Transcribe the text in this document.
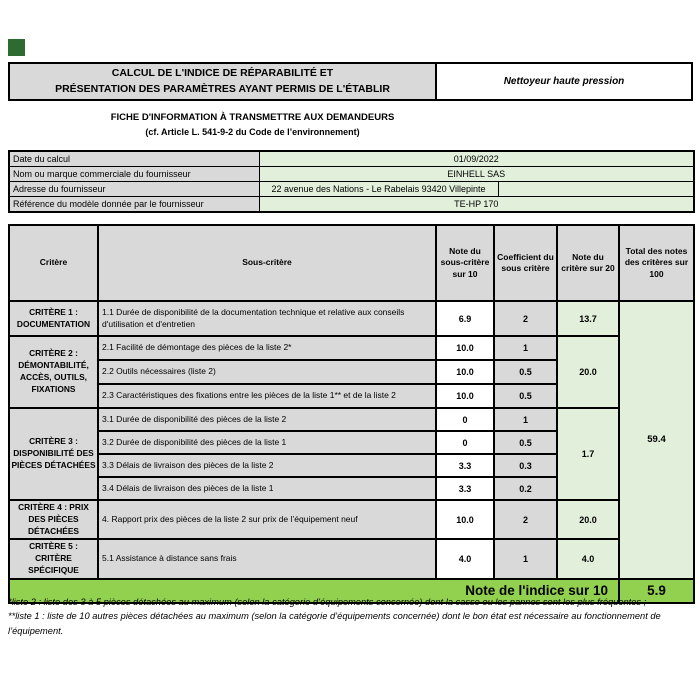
CALCUL DE L'INDICE DE RÉPARABILITÉ ET
PRÉSENTATION DES PARAMÈTRES AYANT PERMIS DE L'ÉTABLIR
Nettoyeur haute pression
FICHE D'INFORMATION À TRANSMETTRE AUX DEMANDEURS
(cf. Article L. 541-9-2 du Code de l’environnement)
Date du calcul	01/09/2022	
Nom ou marque commerciale du fournisseur	EINHELL SAS	
Adresse du fournisseur	22 avenue des Nations - Le Rabelais 93420 Villepinte	
Référence du modèle donnée par le fournisseur	TE-HP 170	
Critère	Sous-critère	Note du sous-critère sur 10	Coefficient du sous critère	Note du critère sur 20	Total des notes des critères sur 100
CRITÈRE 1 : DOCUMENTATION	1.1 Durée de disponibilité de la documentation technique et relative aux conseils d'utilisation et d'entretien	6.9	2	13.7	59.4
CRITÈRE 2 : DÉMONTABILITÉ, ACCÈS, OUTILS, FIXATIONS	2.1 Facilité de démontage des pièces de la liste 2*	10.0	1	20.0	
	2.2 Outils nécessaires (liste 2)	10.0	0.5		
	2.3 Caractéristiques des fixations entre les pièces de la liste 1** et de la liste 2	10.0	0.5		
CRITÈRE 3 : DISPONIBILITÉ DES PIÈCES DÉTACHÉES	3.1 Durée de disponibilité des pièces de la liste 2	0	1	1.7	
	3.2 Durée de disponibilité des pièces de la liste 1	0	0.5		
	3.3 Délais de livraison des pièces de la liste 2	3.3	0.3		
	3.4 Délais de livraison des pièces de la liste 1	3.3	0.2		
CRITÈRE 4 : PRIX DES PIÈCES DÉTACHÉES	4. Rapport prix des pièces de la liste 2 sur prix de l’équipement neuf	10.0	2	20.0	
CRITÈRE 5 : CRITÈRE SPÉCIFIQUE	5.1 Assistance à distance sans frais	4.0	1	4.0	
Note de l'indice sur 10					5.9

*liste 2 : liste des 3 à 5 pièces détachées au maximum (selon la catégorie d’équipements concernée) dont la casse ou les pannes sont les plus fréquentes ;

**liste 1 : liste de 10 autres pièces détachées au maximum (selon la catégorie d’équipements concernée) dont le bon état est nécessaire au fonctionnement de l’équipement.
